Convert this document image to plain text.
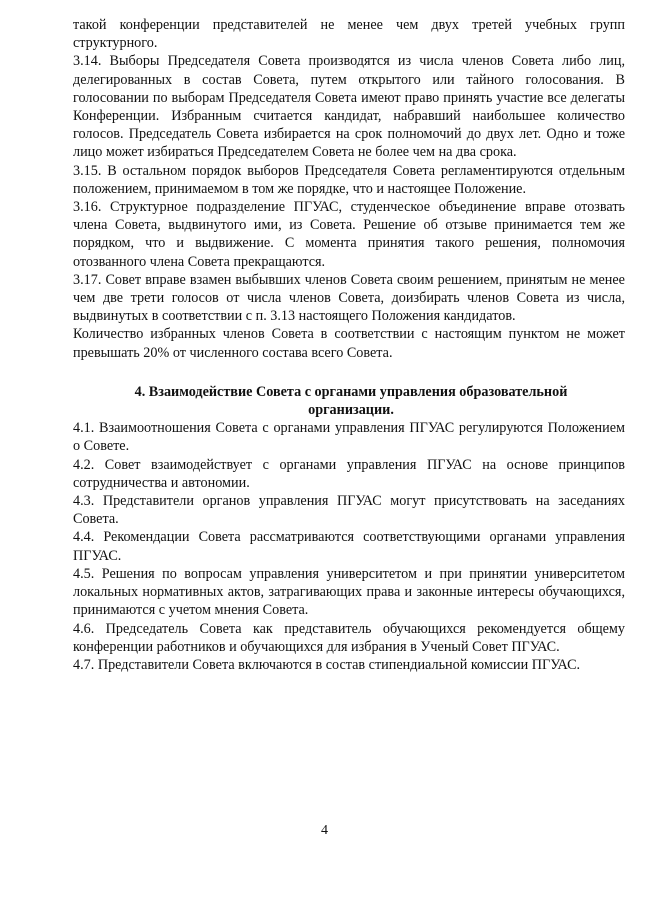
такой конференции представителей не менее чем двух третей учебных групп структурного.

3.14. Выборы Председателя Совета производятся из числа членов Совета либо лиц, делегированных в состав Совета, путем открытого или тайного голосования. В голосовании по выборам Председателя Совета имеют право принять участие все делегаты Конференции. Избранным считается кандидат, набравший наибольшее количество голосов. Председатель Совета избирается на срок полномочий до двух лет. Одно и тоже лицо может избираться Председателем Совета не более чем на два срока.

3.15. В остальном порядок выборов Председателя Совета регламентируются отдельным положением, принимаемом в том же порядке, что и настоящее Положение.

3.16. Структурное подразделение ПГУАС, студенческое объединение вправе отозвать члена Совета, выдвинутого ими, из Совета. Решение об отзыве принимается тем же порядком, что и выдвижение. С момента принятия такого решения, полномочия отозванного члена Совета прекращаются.

3.17. Совет вправе взамен выбывших членов Совета своим решением, принятым не менее чем две трети голосов от числа членов Совета, доизбирать членов Совета из числа, выдвинутых в соответствии с п. 3.13 настоящего Положения кандидатов.

Количество избранных членов Совета в соответствии с настоящим пунктом не может превышать 20% от численного состава всего Совета.

4. Взаимодействие Совета с органами управления образовательной организации.

4.1. Взаимоотношения Совета с органами управления ПГУАС регулируются Положением о Совете.

4.2. Совет взаимодействует с органами управления ПГУАС на основе принципов сотрудничества и автономии.

4.3. Представители органов управления ПГУАС могут присутствовать на заседаниях Совета.

4.4. Рекомендации Совета рассматриваются соответствующими органами управления ПГУАС.

4.5. Решения по вопросам управления университетом и при принятии университетом локальных нормативных актов, затрагивающих права и законные интересы обучающихся, принимаются с учетом мнения Совета.

4.6. Председатель Совета как представитель обучающихся рекомендуется общему конференции работников и обучающихся для избрания в Ученый Совет ПГУАС.

4.7. Представители Совета включаются в состав стипендиальной комиссии ПГУАС.

4
